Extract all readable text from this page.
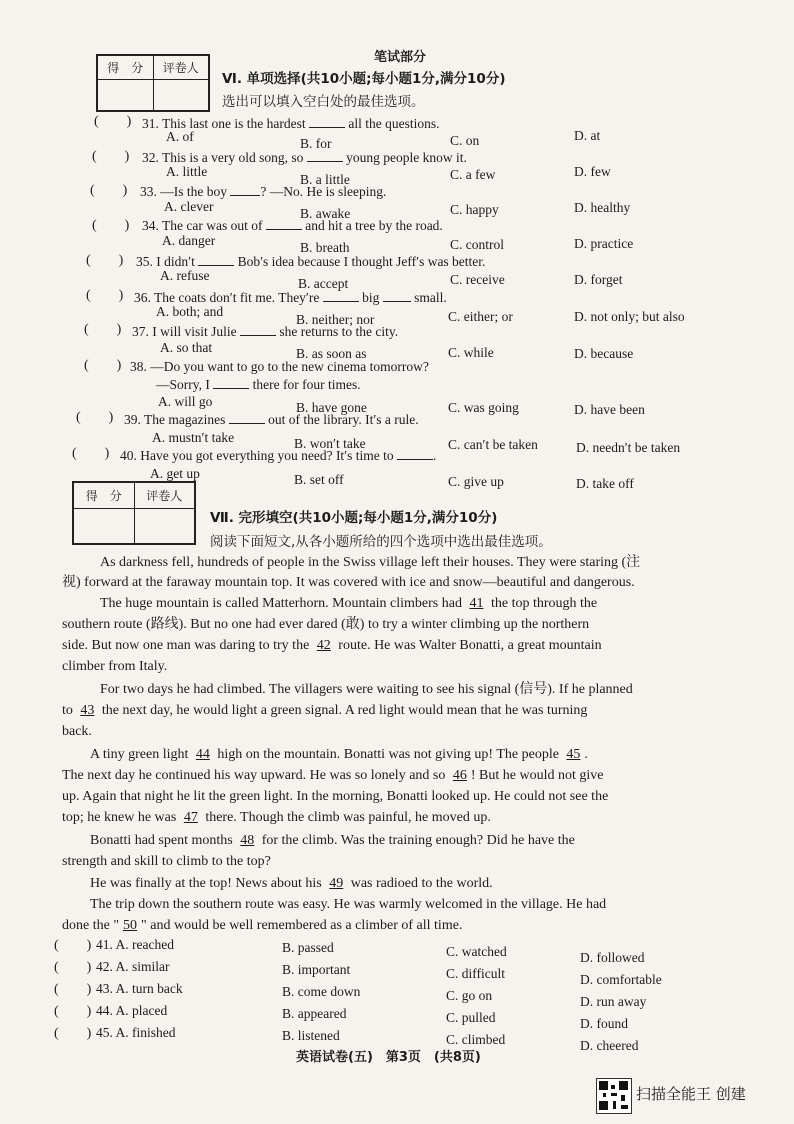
笔试部分
得　分	评卷人

Ⅵ. 单项选择(共10小题;每小题1分,满分10分)
选出可以填入空白处的最佳选项。
(　　) 31. This last one is the hardest	all the questions.
A. of	B. for	C. on	D. at
(　　) 32. This is a very old song, so	young people know it.
A. little
B. a little	C. a few	D. few
(　　) 33. —Is the boy ? —No. He is sleeping.
A. clever	B. awake	C. happy	D. healthy
(　　) 34. The car was out of	and hit a tree by the road.
A. danger	B. breath	C. control	D. practice
(　　) 35. I didn′t	Bob′s idea because I thought Jeff′s was better.
A. refuse
B. accept	C. receive	D. forget
(　　) 36. The coats don′t fit me. They′re	big	small.
A. both; and
B. neither; nor	C. either; or	D. not only; but also
(　　) 37. I will visit Julie	she returns to the city.
A. so that	B. as soon as	C. while	D. because
(　　) 38. —Do you want to go to the new cinema tomorrow?
—Sorry, I	there for four times.
A. will go	B. have gone	C. was going	D. have been
(　　) 39. The magazines	out of the library. It′s a rule.
A. mustn′t take	B. won′t take	C. can′t be taken	D. needn′t be taken
(　　) 40. Have you got everything you need? It′s time to	.
A. get up	B. set off	C. give up	D. take off
得　分	评卷人

Ⅶ. 完形填空(共10小题;每小题1分,满分10分)
阅读下面短文,从各小题所给的四个选项中选出最佳选项。
As darkness fell, hundreds of people in the Swiss village left their houses. They were staring (注
视) forward at the faraway mountain top. It was covered with ice and snow—beautiful and dangerous.
The huge mountain is called Matterhorn. Mountain climbers had 41 the top through the
southern route (路线). But no one had ever dared (敢) to try a winter climbing up the northern
side. But now one man was daring to try the 42 route. He was Walter Bonatti, a great mountain
climber from Italy.
For two days he had climbed. The villagers were waiting to see his signal (信号). If he planned
to 43 the next day, he would light a green signal. A red light would mean that he was turning
back.
A tiny green light 44 high on the mountain. Bonatti was not giving up! The people 45 .
The next day he continued his way upward. He was so lonely and so 46 ! But he would not give
up. Again that night he lit the green light. In the morning, Bonatti looked up. He could not see the
top; he knew he was 47 there. Though the climb was painful, he moved up.
Bonatti had spent months 48 for the climb. Was the training enough? Did he have the
strength and skill to climb to the top?
He was finally at the top! News about his 49 was radioed to the world.
The trip down the southern route was easy. He was warmly welcomed in the village. He had
done the " 50 " and would be well remembered as a climber of all time.
(　　) 41. A. reached	B. passed	C. watched	D. followed
(　　) 42. A. similar	B. important	C. difficult	D. comfortable
(　　) 43. A. turn back	B. come down	C. go on	D. run away
(　　) 44. A. placed	B. appeared	C. pulled	D. found
(　　) 45. A. finished	B. listened	C. climbed	D. cheered
英语试卷(五)　第3页　(共8页)
扫描全能王 创建
